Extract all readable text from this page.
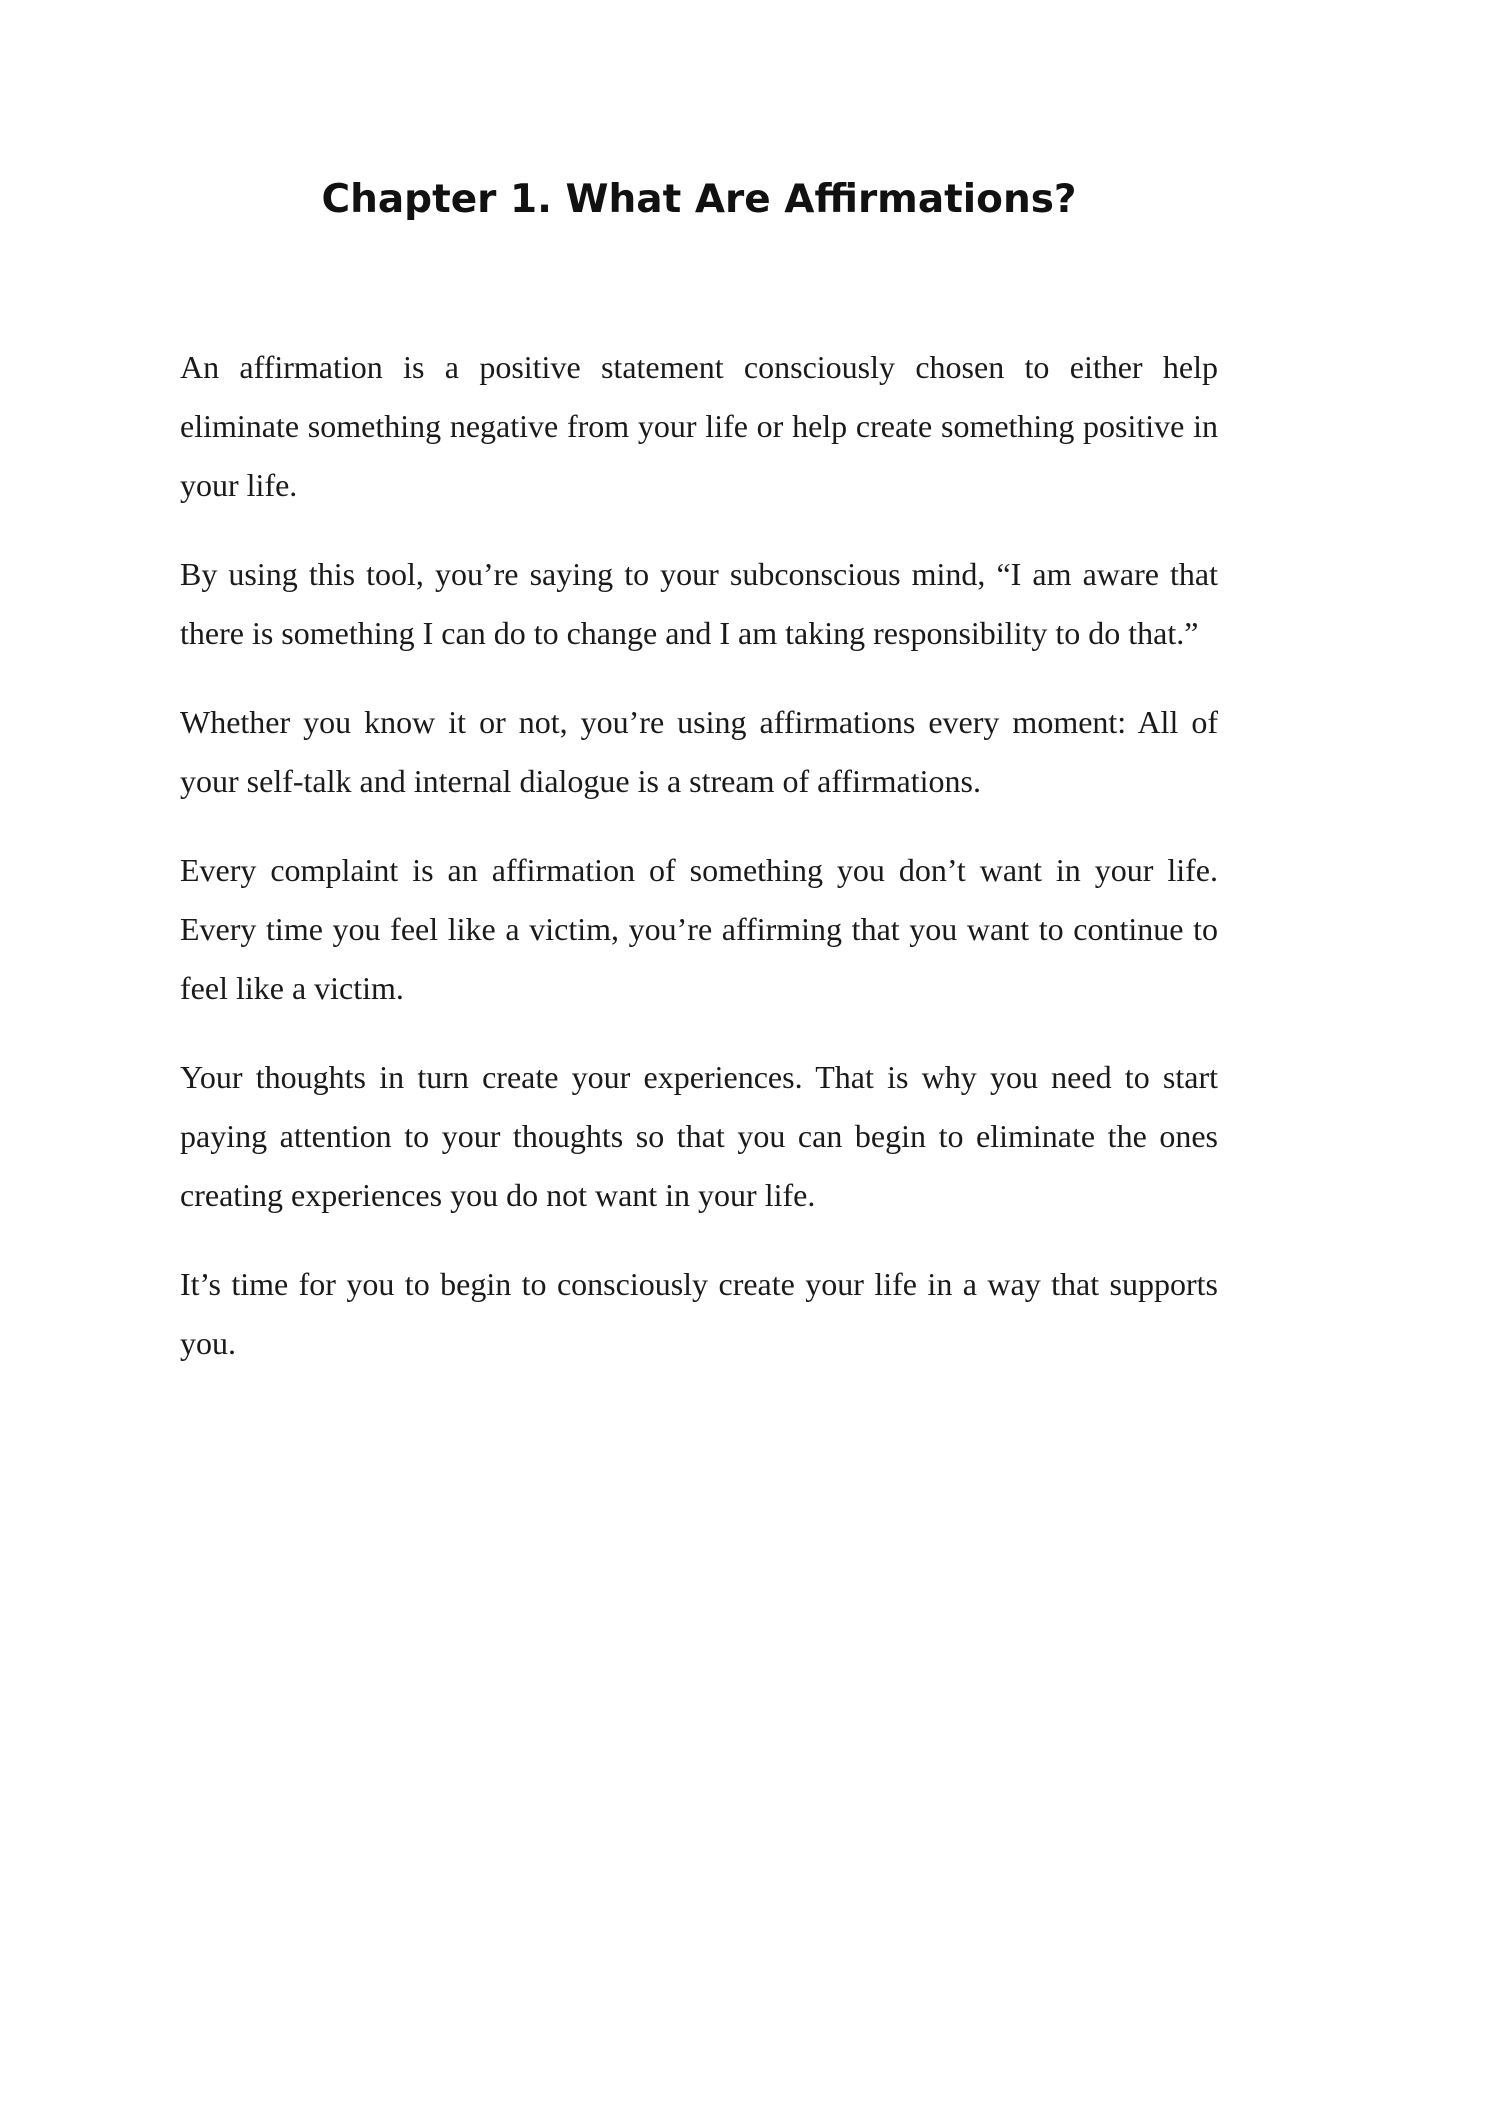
Chapter 1. What Are Affirmations?

An affirmation is a positive statement consciously chosen to either help eliminate something negative from your life or help create something positive in your life.

By using this tool, you’re saying to your subconscious mind, “I am aware that there is something I can do to change and I am taking responsibility to do that.”

Whether you know it or not, you’re using affirmations every moment: All of your self-talk and internal dialogue is a stream of affirmations.

Every complaint is an affirmation of something you don’t want in your life. Every time you feel like a victim, you’re affirming that you want to continue to feel like a victim.

Your thoughts in turn create your experiences. That is why you need to start paying attention to your thoughts so that you can begin to eliminate the ones creating experiences you do not want in your life.

It’s time for you to begin to consciously create your life in a way that supports you.
